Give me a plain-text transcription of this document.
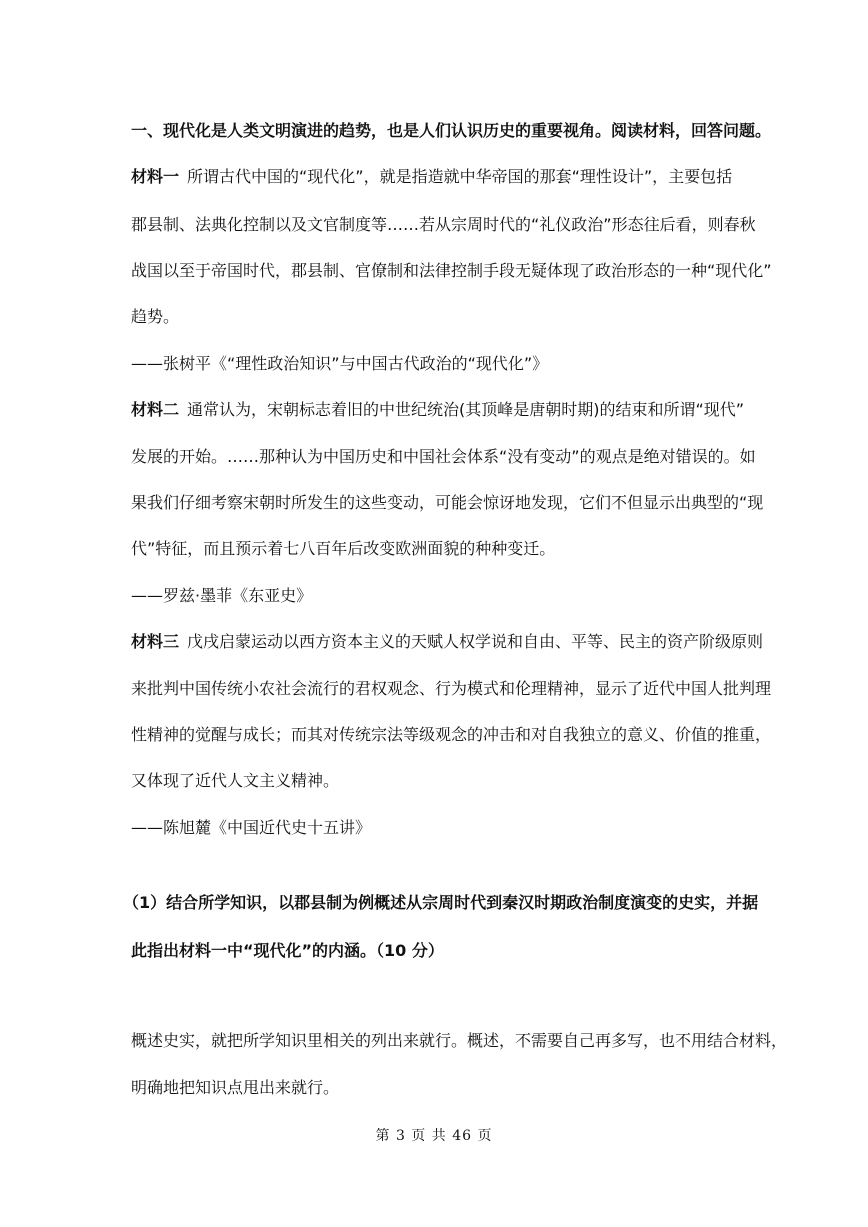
一、现代化是人类文明演进的趋势，也是人们认识历史的重要视角。阅读材料，回答问题。
材料一 所谓古代中国的“现代化”，就是指造就中华帝国的那套“理性设计”，主要包括
郡县制、法典化控制以及文官制度等……若从宗周时代的“礼仪政治”形态往后看，则春秋
战国以至于帝国时代，郡县制、官僚制和法律控制手段无疑体现了政治形态的一种“现代化”
趋势。
——张树平《“理性政治知识”与中国古代政治的“现代化”》
材料二 通常认为，宋朝标志着旧的中世纪统治(其顶峰是唐朝时期)的结束和所谓“现代”
发展的开始。……那种认为中国历史和中国社会体系“没有变动”的观点是绝对错误的。如
果我们仔细考察宋朝时所发生的这些变动，可能会惊讶地发现，它们不但显示出典型的“现
代”特征，而且预示着七八百年后改变欧洲面貌的种种变迁。
——罗兹·墨菲《东亚史》
材料三 戊戌启蒙运动以西方资本主义的天赋人权学说和自由、平等、民主的资产阶级原则
来批判中国传统小农社会流行的君权观念、行为模式和伦理精神，显示了近代中国人批判理
性精神的觉醒与成长；而其对传统宗法等级观念的冲击和对自我独立的意义、价值的推重，
又体现了近代人文主义精神。
——陈旭麓《中国近代史十五讲》
（1）结合所学知识，以郡县制为例概述从宗周时代到秦汉时期政治制度演变的史实，并据
此指出材料一中“现代化”的内涵。（10 分）
概述史实，就把所学知识里相关的列出来就行。概述，不需要自己再多写，也不用结合材料，
明确地把知识点甩出来就行。
第 3 页 共 46 页
